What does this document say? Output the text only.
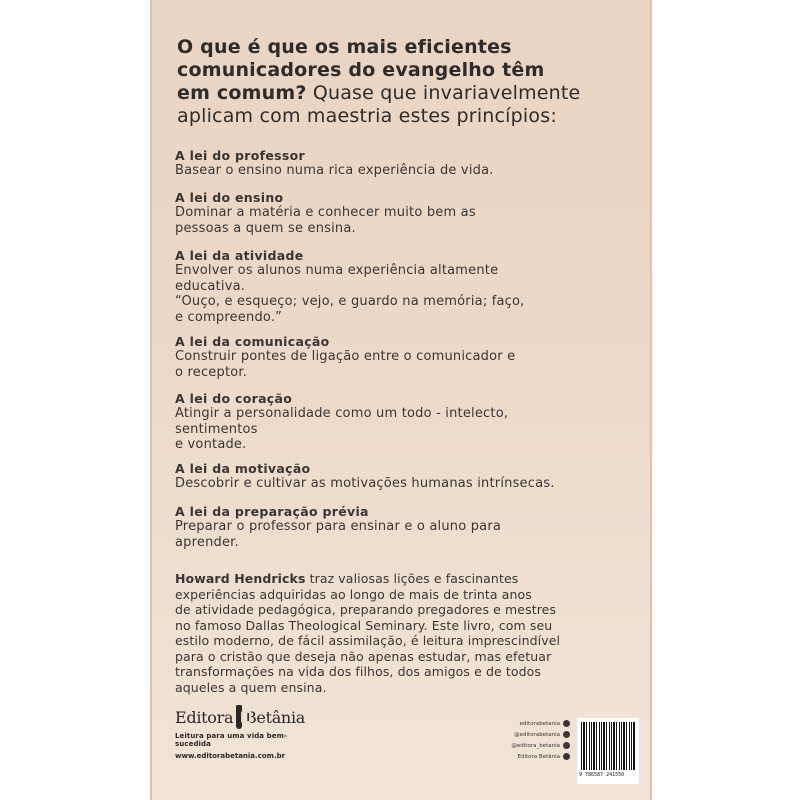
O que é que os mais eficientes
comunicadores do evangelho têm
em comum? Quase que invariavelmente
aplicam com maestria estes princípios:
A lei do professor
Basear o ensino numa rica experiência de vida.
A lei do ensino
Dominar a matéria e conhecer muito bem as
pessoas a quem se ensina.
A lei da atividade
Envolver os alunos numa experiência altamente
educativa.
“Ouço, e esqueço; vejo, e guardo na memória; faço,
e compreendo.”
A lei da comunicação
Construir pontes de ligação entre o comunicador e
o receptor.
A lei do coração
Atingir a personalidade como um todo - intelecto,
sentimentos
e vontade.
A lei da motivação
Descobrir e cultivar as motivações humanas intrínsecas.
A lei da preparação prévia
Preparar o professor para ensinar e o aluno para
aprender.
Howard Hendricks traz valiosas lições e fascinantes
experiências adquiridas ao longo de mais de trinta anos
de atividade pedagógica, preparando pregadores e mestres
no famoso Dallas Theological Seminary. Este livro, com seu
estilo moderno, de fácil assimilação, é leitura imprescindível
para o cristão que deseja não apenas estudar, mas efetuar
transformações na vida dos filhos, dos amigos e de todos
aqueles a quem ensina.
Editora Betânia
Leitura para uma vida bem-sucedida
www.editorabetania.com.br
editorabetania
@editorabetania
@editora_betania
Editora Betânia
9 786587 241550
